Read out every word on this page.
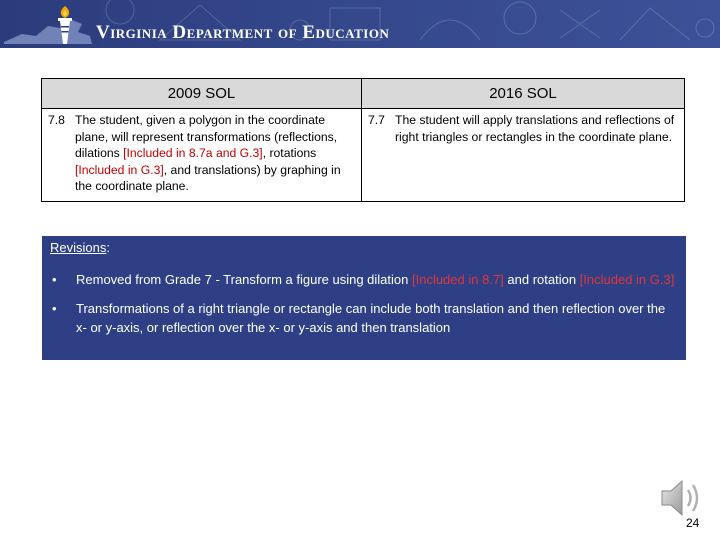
Virginia Department of Education
2009 SOL	2016 SOL

7.8 The student, given a polygon in the coordinate plane, will represent transformations (reflections, dilations [Included in 8.7a and G.3], rotations [Included in G.3], and translations) by graphing in the coordinate plane.	7.7 The student will apply translations and reflections of right triangles or rectangles in the coordinate plane.
Revisions:
•	Removed from Grade 7 - Transform a figure using dilation [Included in 8.7] and rotation [Included in G.3]
•	Transformations of a right triangle or rectangle can include both translation and then reflection over the x- or y-axis, or reflection over the x- or y-axis and then translation
24
